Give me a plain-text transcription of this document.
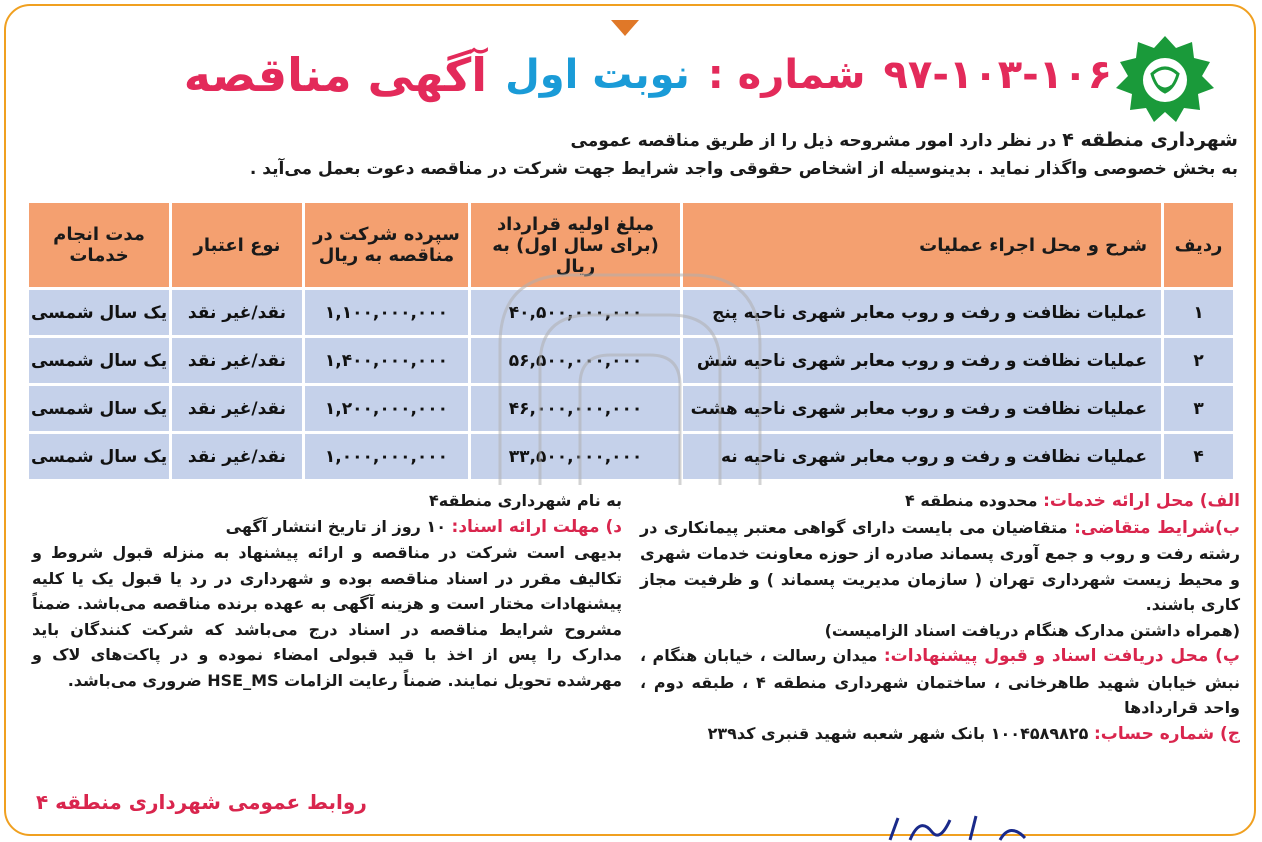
آگهی مناقصه نوبت اول شماره : ۹۷-۱۰۳-۱۰۶
شهرداری منطقه ۴ در نظر دارد امور مشروحه ذیل را از طریق مناقصه عمومی
به بخش خصوصی واگذار نماید . بدینوسیله از اشخاص حقوقی واجد شرایط جهت شرکت در مناقصه دعوت بعمل می‌آید .
ردیف	شرح و محل اجراء عملیات	مبلغ اولیه قرارداد (برای سال اول) به ریال	سپرده شرکت در مناقصه به ریال	نوع اعتبار	مدت انجام خدمات
۱	عملیات نظافت و رفت و روب معابر شهری ناحیه پنج	۴۰,۵۰۰,۰۰۰,۰۰۰	۱,۱۰۰,۰۰۰,۰۰۰	نقد/غیر نقد	یک سال شمسی
۲	عملیات نظافت و رفت و روب معابر شهری ناحیه شش	۵۶,۵۰۰,۰۰۰,۰۰۰	۱,۴۰۰,۰۰۰,۰۰۰	نقد/غیر نقد	یک سال شمسی
۳	عملیات نظافت و رفت و روب معابر شهری ناحیه هشت	۴۶,۰۰۰,۰۰۰,۰۰۰	۱,۲۰۰,۰۰۰,۰۰۰	نقد/غیر نقد	یک سال شمسی
۴	عملیات نظافت و رفت و روب معابر شهری ناحیه نه	۳۳,۵۰۰,۰۰۰,۰۰۰	۱,۰۰۰,۰۰۰,۰۰۰	نقد/غیر نقد	یک سال شمسی
الف) محل ارائه خدمات: محدوده منطقه ۴
ب)شرایط متقاضی: متقاضیان می بایست دارای گواهی معتبر پیمانکاری در رشته رفت و روب و جمع آوری پسماند صادره از حوزه معاونت خدمات شهری و محیط زیست شهرداری تهران ( سازمان مدیریت پسماند ) و ظرفیت مجاز کاری باشند.
(همراه داشتن مدارک هنگام دریافت اسناد الزامیست)
پ) محل دریافت اسناد و قبول پیشنهادات: میدان رسالت ، خیابان هنگام ، نبش خیابان شهید طاهرخانی ، ساختمان شهرداری منطقه ۴ ، طبقه دوم ، واحد قراردادها
ج) شماره حساب: ۱۰۰۴۵۸۹۸۲۵ بانک شهر شعبه شهید قنبری کد۲۳۹
به نام شهرداری منطقه۴
د) مهلت ارائه اسناد: ۱۰ روز از تاریخ انتشار آگهی
بدیهی است شرکت در مناقصه و ارائه پیشنهاد به منزله قبول شروط و تکالیف مقرر در اسناد مناقصه بوده و شهرداری در رد یا قبول یک یا کلیه پیشنهادات مختار است و هزینه آگهی به عهده برنده مناقصه می‌باشد. ضمناً مشروح شرایط مناقصه در اسناد درج می‌باشد که شرکت کنندگان باید مدارک را پس از اخذ با قید قبولی امضاء نموده و در پاکت‌های لاک و مهرشده تحویل نمایند. ضمناً رعایت الزامات HSE_MS ضروری می‌باشد.
روابط عمومی شهرداری منطقه ۴
